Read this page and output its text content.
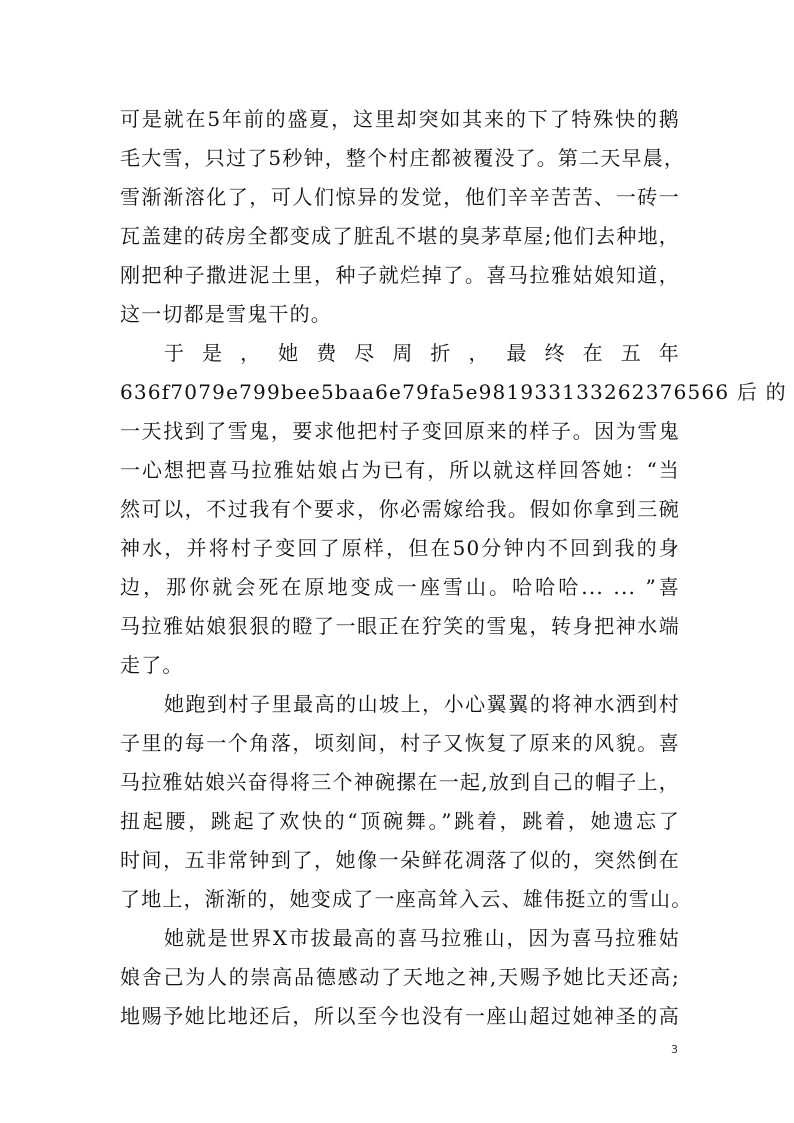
可是就在5年前的盛夏，这里却突如其来的下了特殊快的鹅
毛大雪，只过了5秒钟，整个村庄都被覆没了。第二天早晨，
雪渐渐溶化了，可人们惊异的发觉，他们辛辛苦苦、一砖一
瓦盖建的砖房全都变成了脏乱不堪的臭茅草屋;他们去种地，
刚把种子撒进泥土里，种子就烂掉了。喜马拉雅姑娘知道，
这一切都是雪鬼干的。
于 是 ， 她 费 尽 周 折 ， 最 终 在 五 年
636f7079e799bee5baa6e79fa5e981933133262376566 后 的
一天找到了雪鬼，要求他把村子变回原来的样子。因为雪鬼
一心想把喜马拉雅姑娘占为已有，所以就这样回答她：“当
然可以，不过我有个要求，你必需嫁给我。假如你拿到三碗
神水，并将村子变回了原样，但在50分钟内不回到我的身
边，那你就会死在原地变成一座雪山。哈哈哈... ... ”喜
马拉雅姑娘狠狠的瞪了一眼正在狞笑的雪鬼，转身把神水端
走了。
她跑到村子里最高的山坡上，小心翼翼的将神水洒到村
子里的每一个角落，顷刻间，村子又恢复了原来的风貌。喜
马拉雅姑娘兴奋得将三个神碗摞在一起,放到自己的帽子上，
扭起腰，跳起了欢快的“顶碗舞。”跳着，跳着，她遗忘了
时间，五非常钟到了，她像一朵鲜花凋落了似的，突然倒在
了地上，渐渐的，她变成了一座高耸入云、雄伟挺立的雪山。
她就是世界X市拔最高的喜马拉雅山，因为喜马拉雅姑
娘舍己为人的崇高品德感动了天地之神,天赐予她比天还高;
地赐予她比地还后，所以至今也没有一座山超过她神圣的高
3
